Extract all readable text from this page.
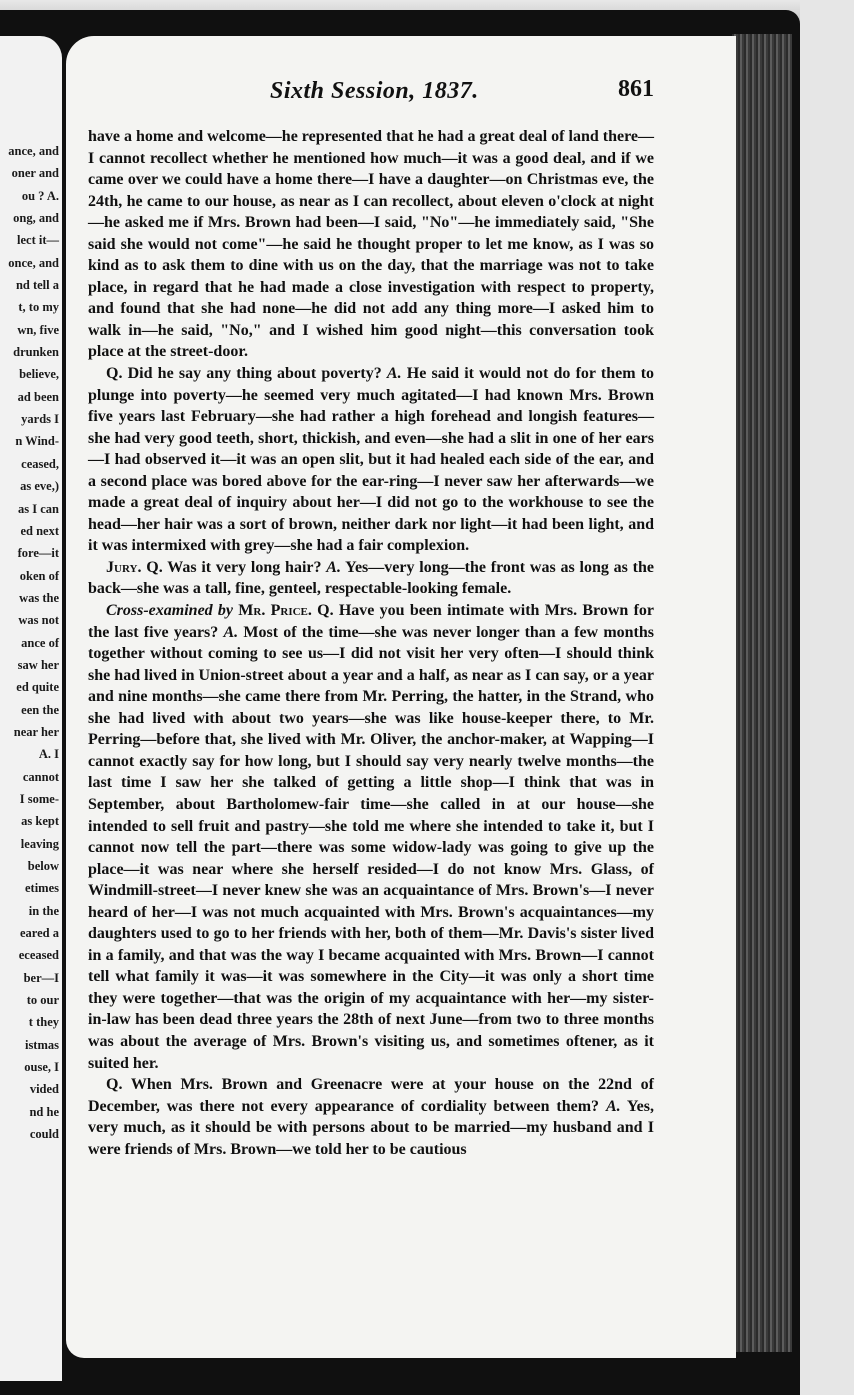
ance, and
oner and
ou ? A.
ong, and
lect it—
once, and
nd tell a
t, to my
wn, five
drunken
believe,
ad been
yards I
n Wind-
ceased,
as eve,)
as I can
ed next
fore—it
oken of
was the
was not
ance of
saw her
ed quite
een the
near her
A. I
cannot
I some-
as kept
leaving
below
etimes
in the
eared a
eceased
ber—I
to our
t they
istmas
ouse, I
vided
nd he
could
Sixth Session, 1837.	861

have a home and welcome—he represented that he had a great deal of land there—I cannot recollect whether he mentioned how much—it was a good deal, and if we came over we could have a home there—I have a daughter—on Christmas eve, the 24th, he came to our house, as near as I can recollect, about eleven o'clock at night—he asked me if Mrs. Brown had been—I said, "No"—he immediately said, "She said she would not come"—he said he thought proper to let me know, as I was so kind as to ask them to dine with us on the day, that the marriage was not to take place, in regard that he had made a close investigation with respect to property, and found that she had none—he did not add any thing more—I asked him to walk in—he said, "No," and I wished him good night—this conversation took place at the street-door.

Q. Did he say any thing about poverty? A. He said it would not do for them to plunge into poverty—he seemed very much agitated—I had known Mrs. Brown five years last February—she had rather a high forehead and longish features—she had very good teeth, short, thickish, and even—she had a slit in one of her ears—I had observed it—it was an open slit, but it had healed each side of the ear, and a second place was bored above for the ear-ring—I never saw her afterwards—we made a great deal of inquiry about her—I did not go to the workhouse to see the head—her hair was a sort of brown, neither dark nor light—it had been light, and it was intermixed with grey—she had a fair complexion.

Jury. Q. Was it very long hair? A. Yes—very long—the front was as long as the back—she was a tall, fine, genteel, respectable-looking female.

Cross-examined by Mr. Price. Q. Have you been intimate with Mrs. Brown for the last five years? A. Most of the time—she was never longer than a few months together without coming to see us—I did not visit her very often—I should think she had lived in Union-street about a year and a half, as near as I can say, or a year and nine months—she came there from Mr. Perring, the hatter, in the Strand, who she had lived with about two years—she was like house-keeper there, to Mr. Perring—before that, she lived with Mr. Oliver, the anchor-maker, at Wapping—I cannot exactly say for how long, but I should say very nearly twelve months—the last time I saw her she talked of getting a little shop—I think that was in September, about Bartholomew-fair time—she called in at our house—she intended to sell fruit and pastry—she told me where she intended to take it, but I cannot now tell the part—there was some widow-lady was going to give up the place—it was near where she herself resided—I do not know Mrs. Glass, of Windmill-street—I never knew she was an acquaintance of Mrs. Brown's—I never heard of her—I was not much acquainted with Mrs. Brown's acquaintances—my daughters used to go to her friends with her, both of them—Mr. Davis's sister lived in a family, and that was the way I became acquainted with Mrs. Brown—I cannot tell what family it was—it was somewhere in the City—it was only a short time they were together—that was the origin of my acquaintance with her—my sister-in-law has been dead three years the 28th of next June—from two to three months was about the average of Mrs. Brown's visiting us, and sometimes oftener, as it suited her.

Q. When Mrs. Brown and Greenacre were at your house on the 22nd of December, was there not every appearance of cordiality between them? A. Yes, very much, as it should be with persons about to be married—my husband and I were friends of Mrs. Brown—we told her to be cautious
